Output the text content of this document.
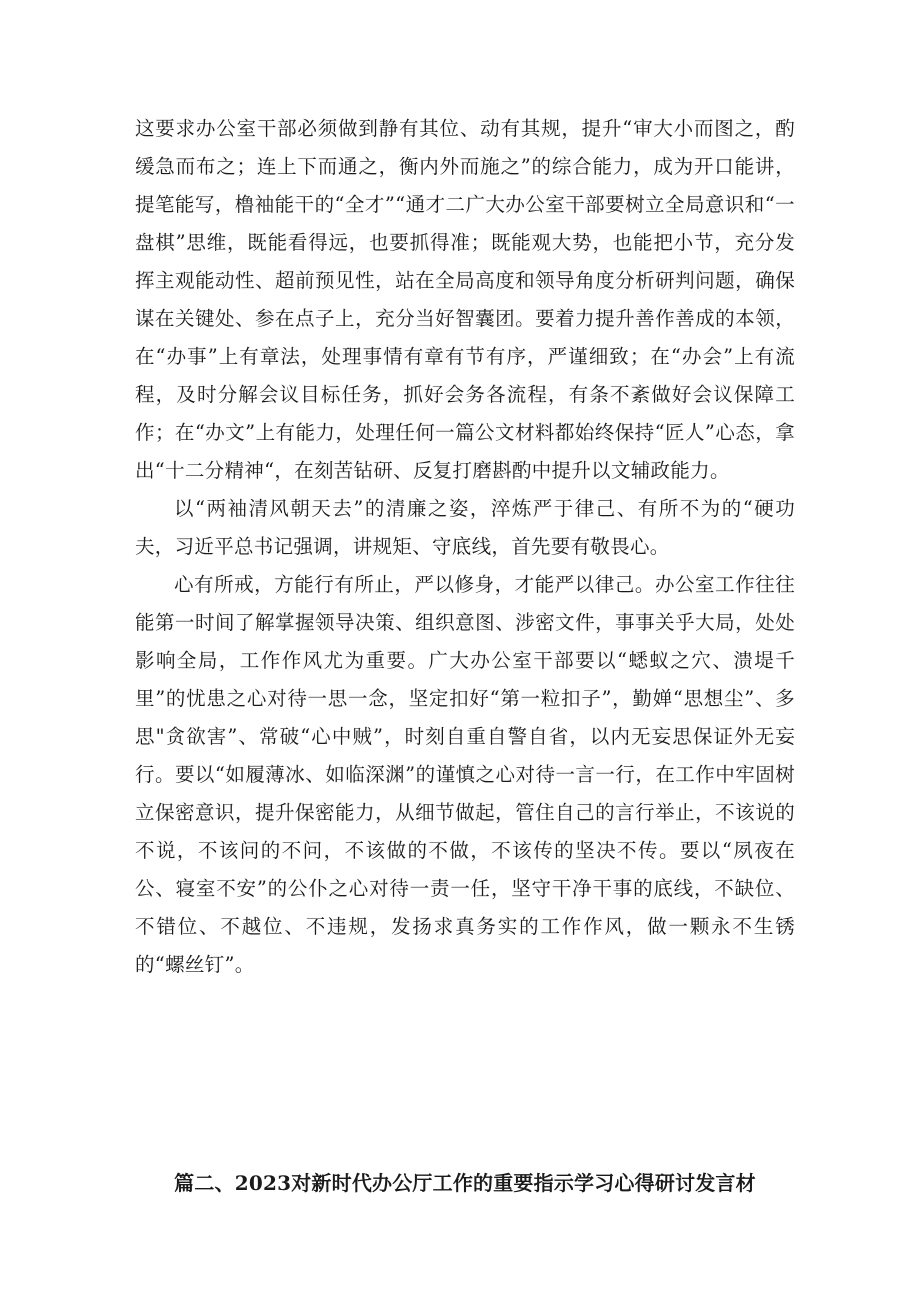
这要求办公室干部必须做到静有其位、动有其规，提升“审大小而图之，酌缓急而布之；连上下而通之，衡内外而施之”的综合能力，成为开口能讲，提笔能写，橹袖能干的“全才”“通才二广大办公室干部要树立全局意识和“一盘棋”思维，既能看得远，也要抓得准；既能观大势，也能把小节，充分发挥主观能动性、超前预见性，站在全局高度和领导角度分析研判问题，确保谋在关键处、参在点子上，充分当好智囊团。要着力提升善作善成的本领，在“办事”上有章法，处理事情有章有节有序，严谨细致；在“办会”上有流程，及时分解会议目标任务，抓好会务各流程，有条不紊做好会议保障工作；在“办文”上有能力，处理任何一篇公文材料都始终保持“匠人”心态，拿出“十二分精神“，在刻苦钻研、反复打磨斟酌中提升以文辅政能力。

以“两袖清风朝天去”的清廉之姿，淬炼严于律己、有所不为的“硬功夫，习近平总书记强调，讲规矩、守底线，首先要有敬畏心。

心有所戒，方能行有所止，严以修身，才能严以律己。办公室工作往往能第一时间了解掌握领导决策、组织意图、涉密文件，事事关乎大局，处处影响全局，工作作风尤为重要。广大办公室干部要以“蟋蚁之穴、溃堤千里”的忧患之心对待一思一念，坚定扣好“第一粒扣子”，勤婵“思想尘”、多思"贪欲害”、常破“心中贼”，时刻自重自警自省，以内无妄思保证外无妄行。要以“如履薄冰、如临深渊”的谨慎之心对待一言一行，在工作中牢固树立保密意识，提升保密能力，从细节做起，管住自己的言行举止，不该说的不说，不该问的不问，不该做的不做，不该传的坚决不传。要以“夙夜在公、寝室不安”的公仆之心对待一责一任，坚守干净干事的底线，不缺位、不错位、不越位、不违规，发扬求真务实的工作作风，做一颗永不生锈的“螺丝钉”。

篇二、2023对新时代办公厅工作的重要指示学习心得研讨发言材
